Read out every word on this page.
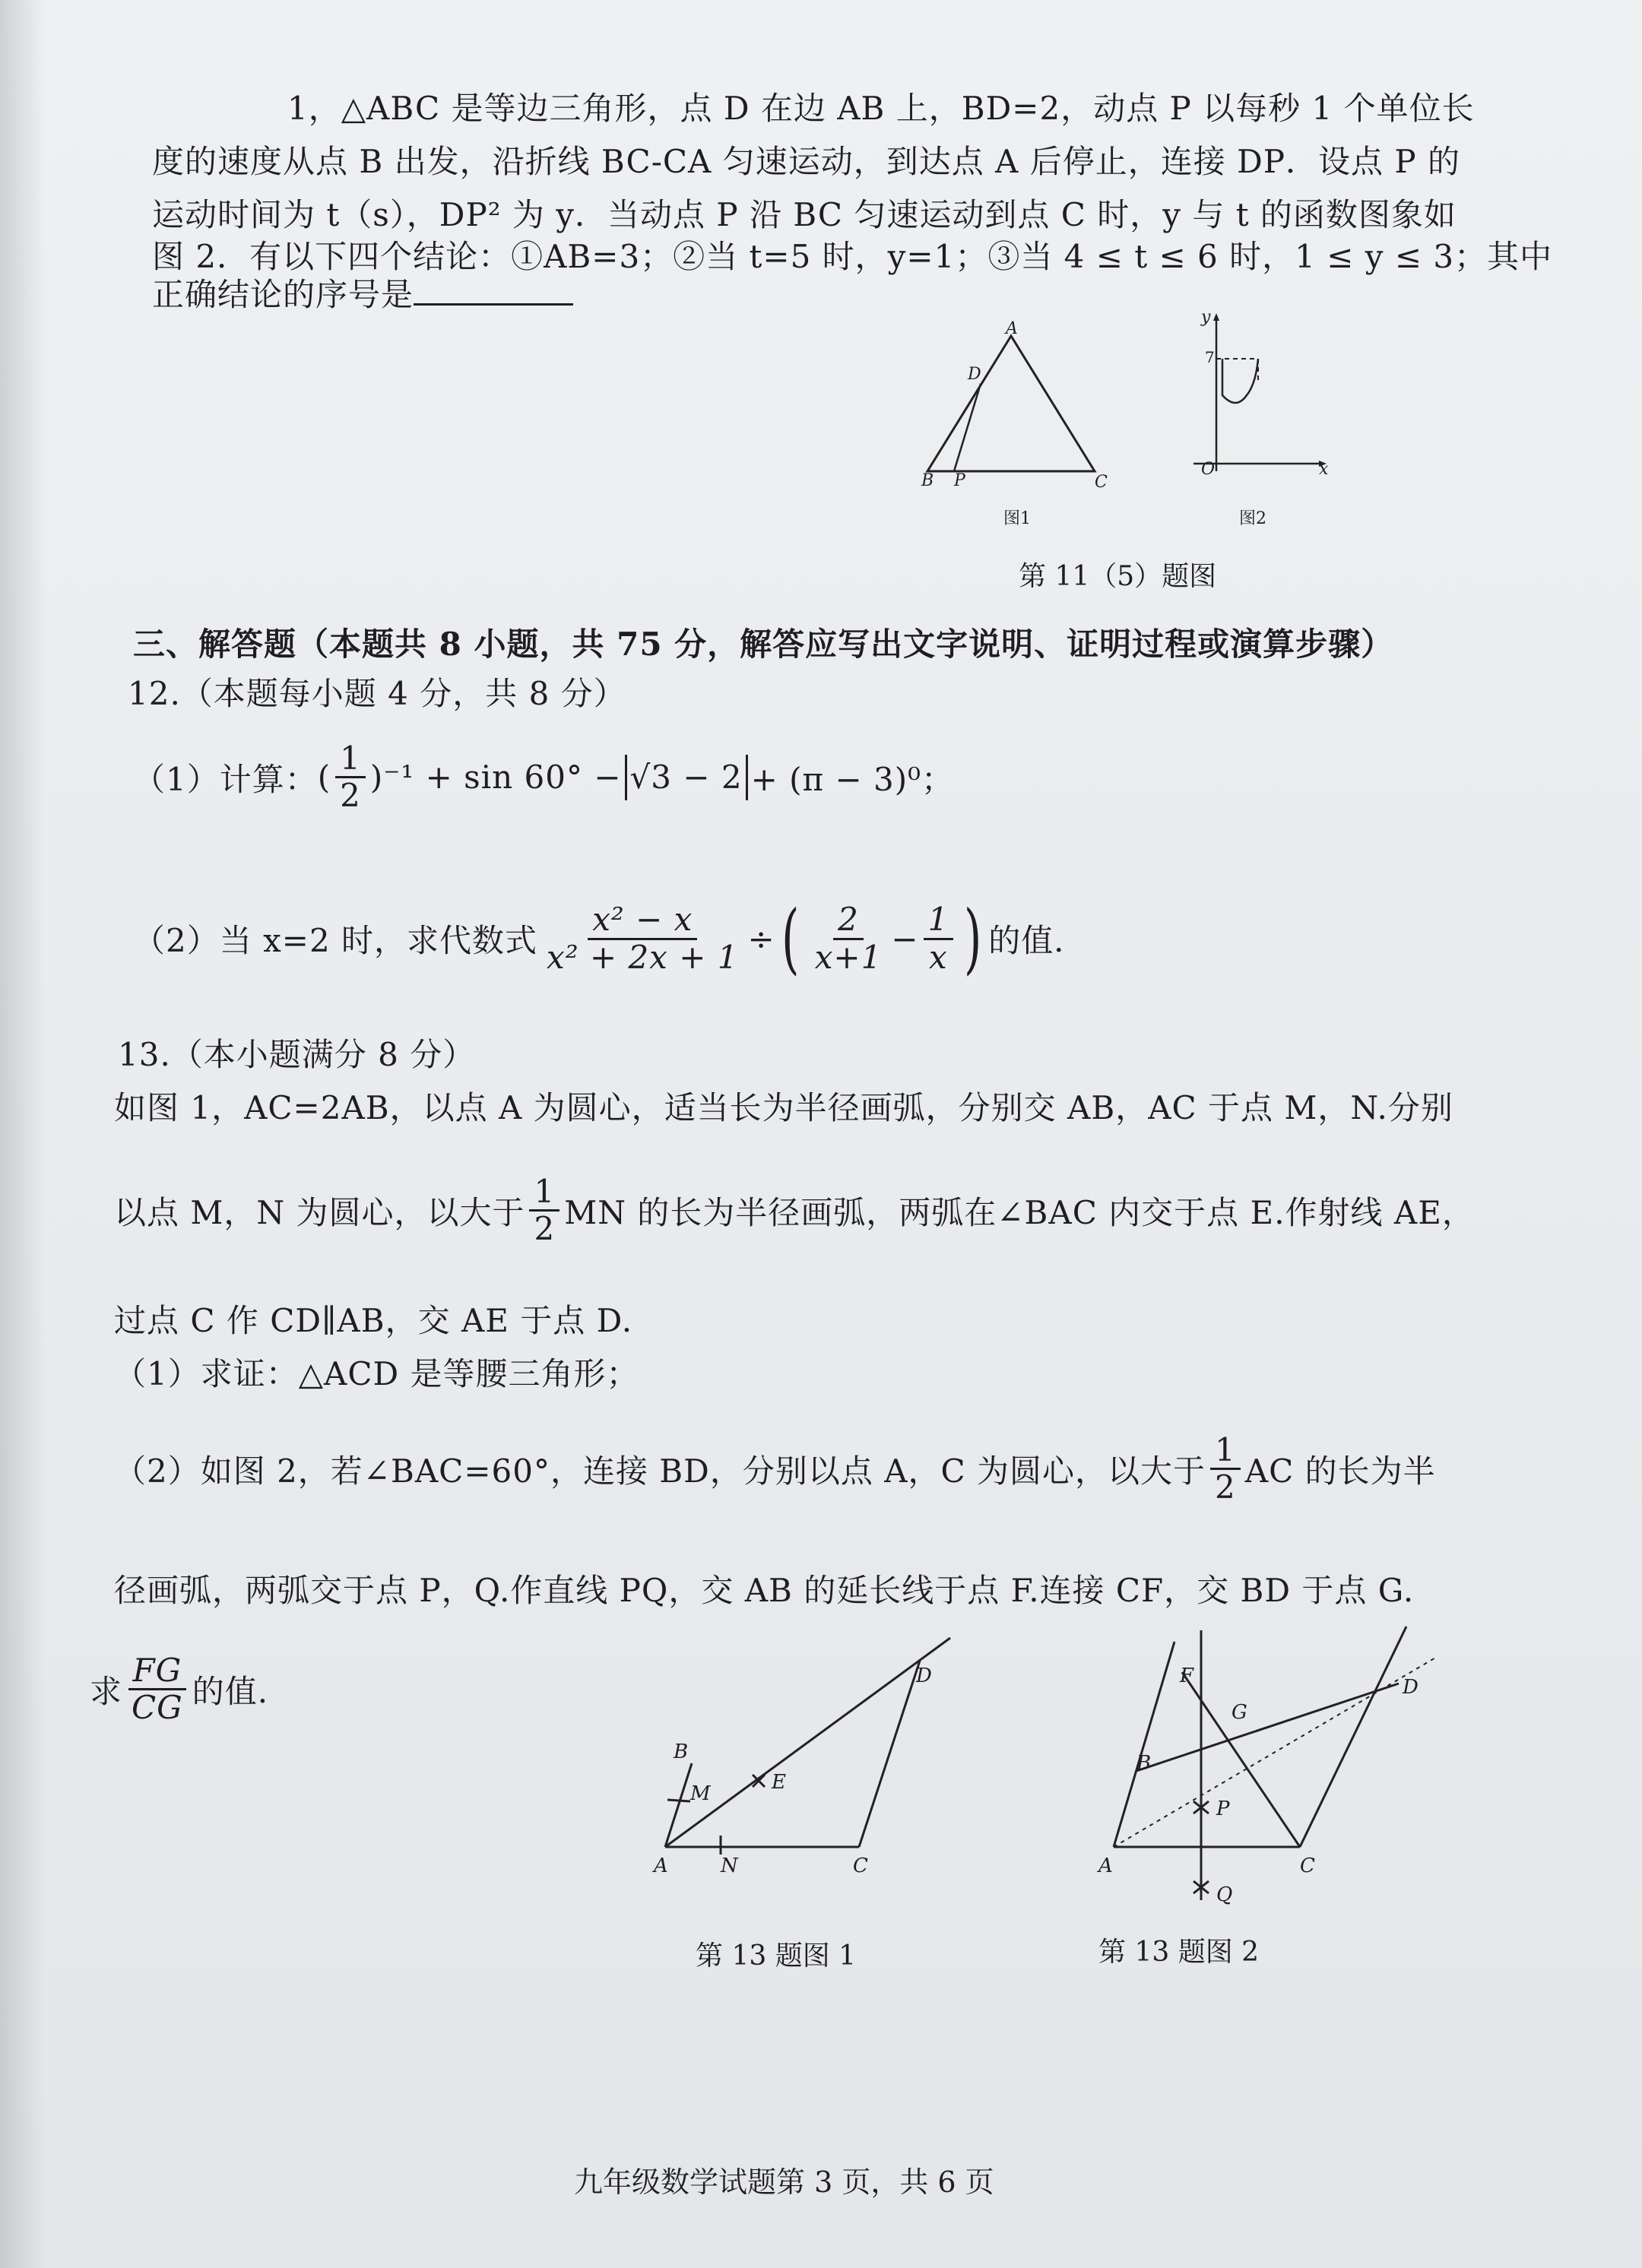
1，△ABC 是等边三角形，点 D 在边 AB 上，BD=2，动点 P 以每秒 1 个单位长
度的速度从点 B 出发，沿折线 BC-CA 匀速运动，到达点 A 后停止，连接 DP．设点 P 的
运动时间为 t（s），DP² 为 y．当动点 P 沿 BC 匀速运动到点 C 时，y 与 t 的函数图象如
图 2．有以下四个结论：①AB=3；②当 t=5 时，y=1；③当 4 ≤ t ≤ 6 时，1 ≤ y ≤ 3；其中
正确结论的序号是
A
D
B P	C
图1
y
7
O	x
图2
第 11（5）题图
三、解答题（本题共 8 小题，共 75 分，解答应写出文字说明、证明过程或演算步骤）
12.（本题每小题 4 分，共 8 分）
（1）计算： ( $\frac{1}{2} )^{-1} + \sin 60^\circ - √3 - 2 + (\pi - 3)^0$；
（2）当 x=2 时，求代数式 $\frac{\text{x² − x}}{\text{x² + 2x + 1}}$ ÷ ( $\frac{2}{x+1} - \frac{1}{x}$ ) 的值．
13.（本小题满分 8 分）
如图 1，AC=2AB，以点 A 为圆心，适当长为半径画弧，分别交 AB，AC 于点 M，N.分别
以点 M，N 为圆心，以大于 $\frac{1}{2}$ MN 的长为半径画弧，两弧在∠BAC 内交于点 E.作射线 AE，
过点 C 作 CD∥AB，交 AE 于点 D.
（1）求证：△ACD 是等腰三角形；
（2）如图 2，若∠BAC=60°，连接 BD，分别以点 A，C 为圆心，以大于 $\frac{1}{2}$ AC 的长为半
径画弧，两弧交于点 P，Q.作直线 PQ，交 AB 的延长线于点 F.连接 CF，交 BD 于点 G.
求 $\frac{FG}{CG}$ 的值.
B
M	E
D
A	N	C
F
G
D
B
P
A	C
Q
第 13 题图 1	第 13 题图 2
九年级数学试题第 3 页，共 6 页
